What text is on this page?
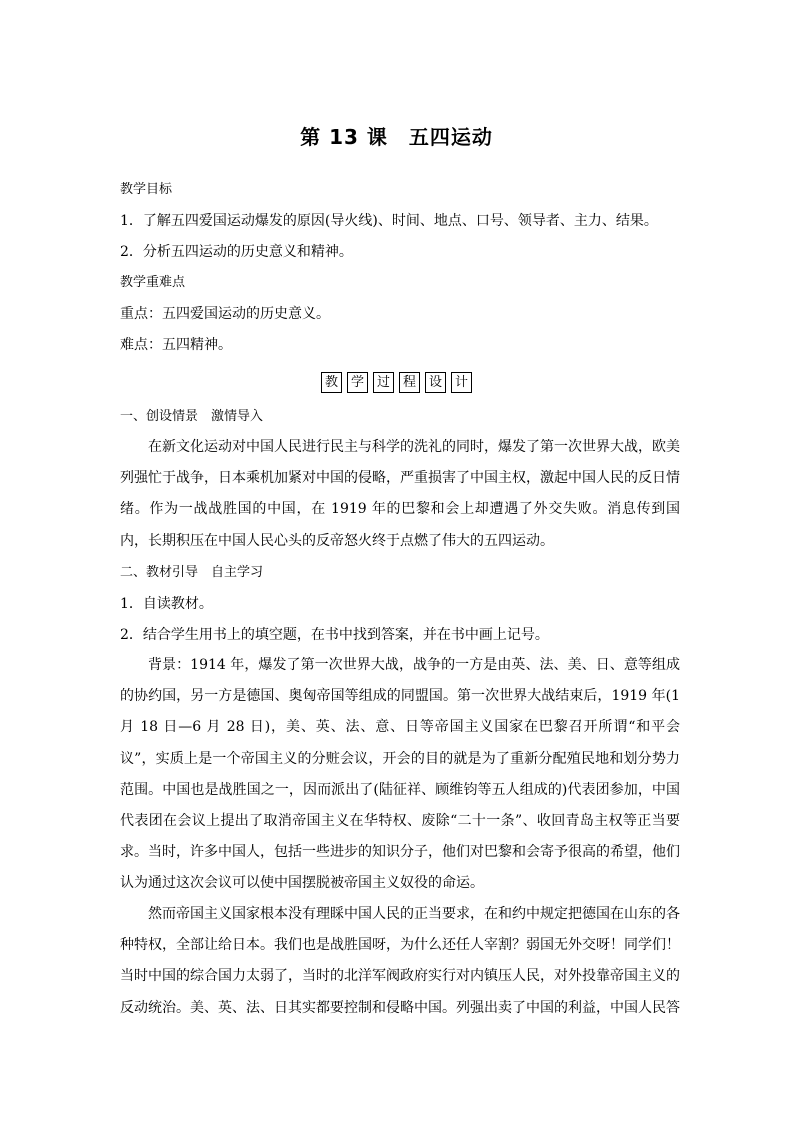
第 13 课　五四运动
教学目标
1．了解五四爱国运动爆发的原因(导火线)、时间、地点、口号、领导者、主力、结果。
2．分析五四运动的历史意义和精神。
教学重难点
重点：五四爱国运动的历史意义。
难点：五四精神。
教 学 过 程 设 计
一、创设情景　激情导入

在新文化运动对中国人民进行民主与科学的洗礼的同时，爆发了第一次世界大战，欧美列强忙于战争，日本乘机加紧对中国的侵略，严重损害了中国主权，激起中国人民的反日情绪。作为一战战胜国的中国，在 1919 年的巴黎和会上却遭遇了外交失败。消息传到国内，长期积压在中国人民心头的反帝怒火终于点燃了伟大的五四运动。

二、教材引导　自主学习
1．自读教材。
2．结合学生用书上的填空题，在书中找到答案，并在书中画上记号。

背景：1914 年，爆发了第一次世界大战，战争的一方是由英、法、美、日、意等组成的协约国，另一方是德国、奥匈帝国等组成的同盟国。第一次世界大战结束后，1919 年(1 月 18 日—6 月 28 日)，美、英、法、意、日等帝国主义国家在巴黎召开所谓“和平会议”，实质上是一个帝国主义的分赃会议，开会的目的就是为了重新分配殖民地和划分势力范围。中国也是战胜国之一，因而派出了(陆征祥、顾维钧等五人组成的)代表团参加，中国代表团在会议上提出了取消帝国主义在华特权、废除“二十一条”、收回青岛主权等正当要求。当时，许多中国人，包括一些进步的知识分子，他们对巴黎和会寄予很高的希望，他们认为通过这次会议可以使中国摆脱被帝国主义奴役的命运。

然而帝国主义国家根本没有理睬中国人民的正当要求，在和约中规定把德国在山东的各种特权，全部让给日本。我们也是战胜国呀，为什么还任人宰割？弱国无外交呀！同学们！当时中国的综合国力太弱了，当时的北洋军阀政府实行对内镇压人民，对外投靠帝国主义的反动统治。美、英、法、日其实都要控制和侵略中国。列强出卖了中国的利益，中国人民答
